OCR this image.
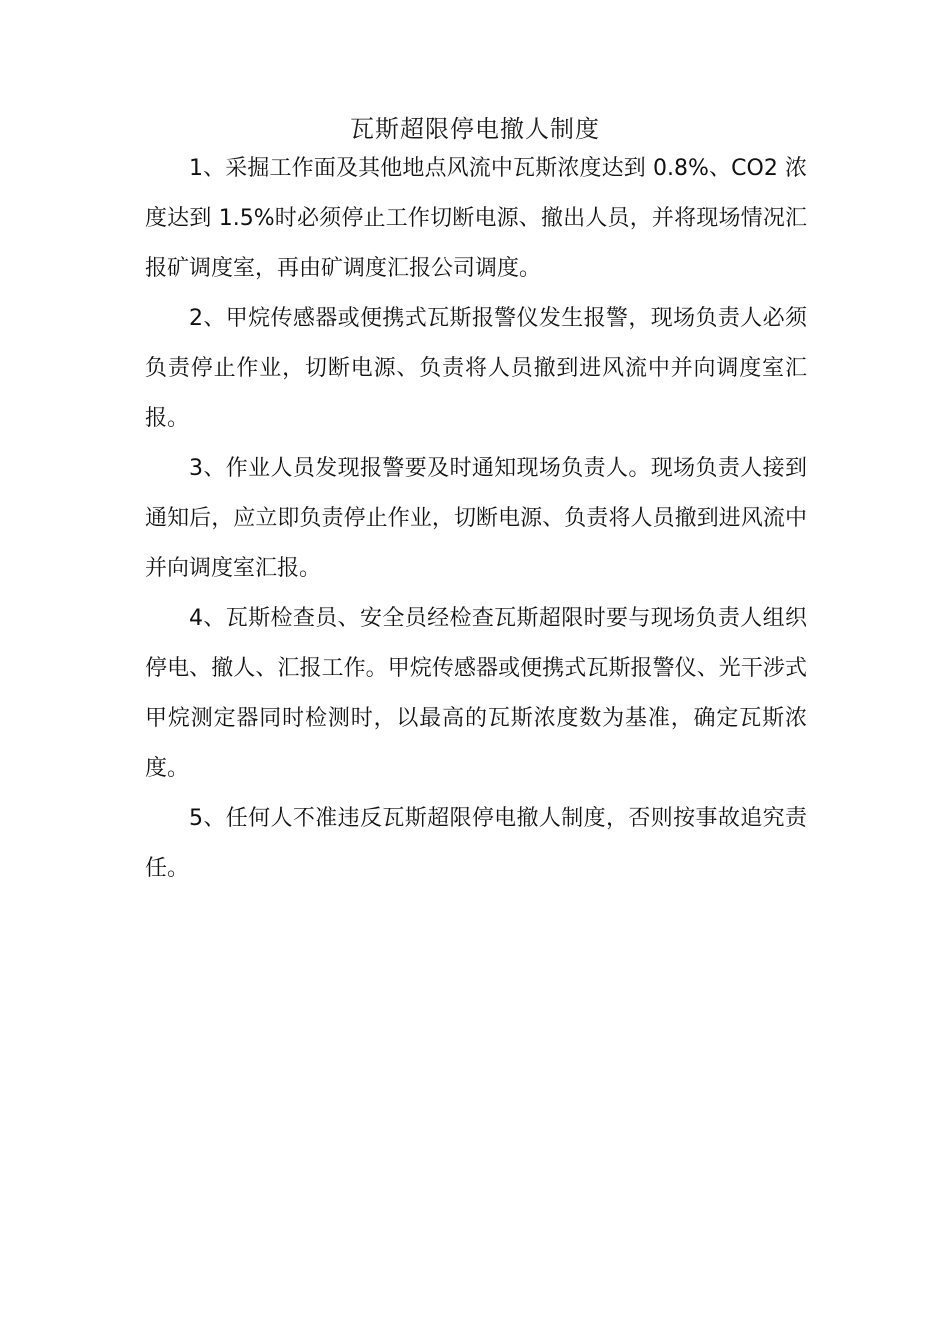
瓦斯超限停电撤人制度

1、采掘工作面及其他地点风流中瓦斯浓度达到 0.8%、CO2 浓度达到 1.5%时必须停止工作切断电源、撤出人员，并将现场情况汇报矿调度室，再由矿调度汇报公司调度。

2、甲烷传感器或便携式瓦斯报警仪发生报警，现场负责人必须负责停止作业，切断电源、负责将人员撤到进风流中并向调度室汇报。

3、作业人员发现报警要及时通知现场负责人。现场负责人接到通知后，应立即负责停止作业，切断电源、负责将人员撤到进风流中并向调度室汇报。

4、瓦斯检查员、安全员经检查瓦斯超限时要与现场负责人组织停电、撤人、汇报工作。甲烷传感器或便携式瓦斯报警仪、光干涉式甲烷测定器同时检测时，以最高的瓦斯浓度数为基准，确定瓦斯浓度。

5、任何人不准违反瓦斯超限停电撤人制度，否则按事故追究责任。
